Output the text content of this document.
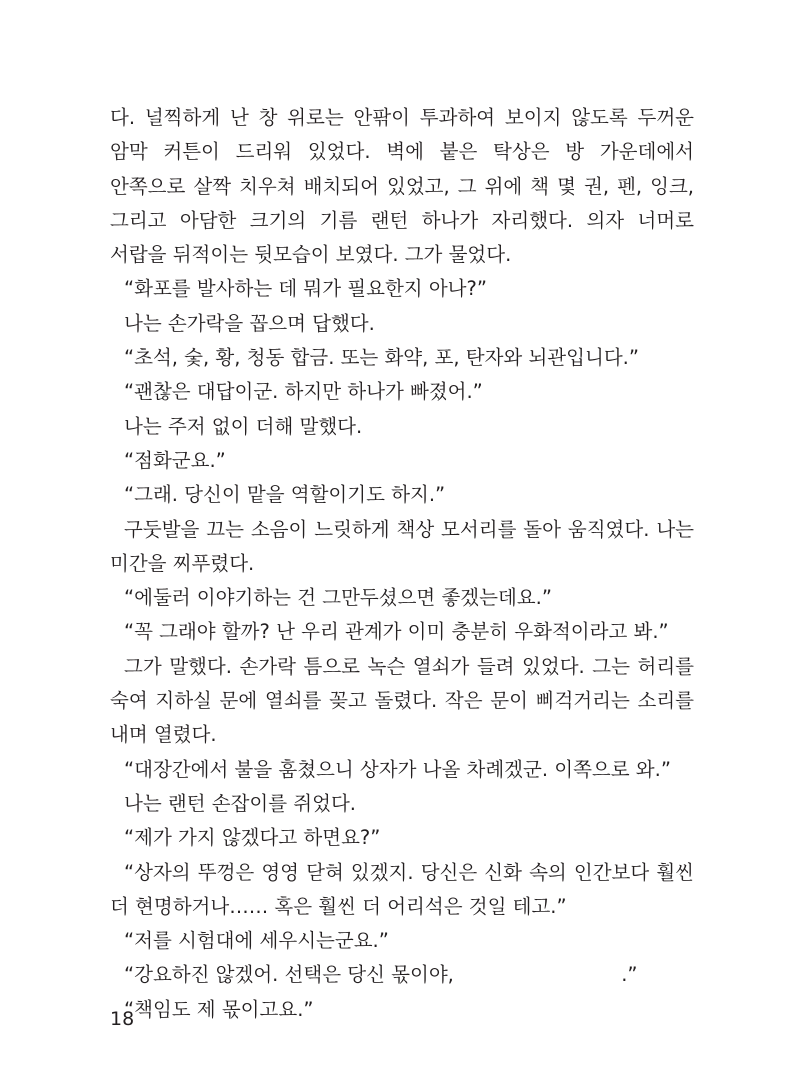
다. 널찍하게 난 창 위로는 안팎이 투과하여 보이지 않도록 두꺼운 암막 커튼이 드리워 있었다. 벽에 붙은 탁상은 방 가운데에서 안쪽으로 살짝 치우쳐 배치되어 있었고, 그 위에 책 몇 권, 펜, 잉크, 그리고 아담한 크기의 기름 랜턴 하나가 자리했다. 의자 너머로 서랍을 뒤적이는 뒷모습이 보였다. 그가 물었다.

“화포를 발사하는 데 뭐가 필요한지 아나?”

나는 손가락을 꼽으며 답했다.

“초석, 숯, 황, 청동 합금. 또는 화약, 포, 탄자와 뇌관입니다.”

“괜찮은 대답이군. 하지만 하나가 빠졌어.”

나는 주저 없이 더해 말했다.

“점화군요.”

“그래. 당신이 맡을 역할이기도 하지.”

구둣발을 끄는 소음이 느릿하게 책상 모서리를 돌아 움직였다. 나는 미간을 찌푸렸다.

“에둘러 이야기하는 건 그만두셨으면 좋겠는데요.”

“꼭 그래야 할까? 난 우리 관계가 이미 충분히 우화적이라고 봐.”

그가 말했다. 손가락 틈으로 녹슨 열쇠가 들려 있었다. 그는 허리를 숙여 지하실 문에 열쇠를 꽂고 돌렸다. 작은 문이 삐걱거리는 소리를 내며 열렸다.

“대장간에서 불을 훔쳤으니 상자가 나올 차례겠군. 이쪽으로 와.”

나는 랜턴 손잡이를 쥐었다.

“제가 가지 않겠다고 하면요?”

“상자의 뚜껑은 영영 닫혀 있겠지. 당신은 신화 속의 인간보다 훨씬 더 현명하거나…… 혹은 훨씬 더 어리석은 것일 테고.”

“저를 시험대에 세우시는군요.”

“강요하진 않겠어. 선택은 당신 몫이야,                           .”

“책임도 제 몫이고요.”

18
